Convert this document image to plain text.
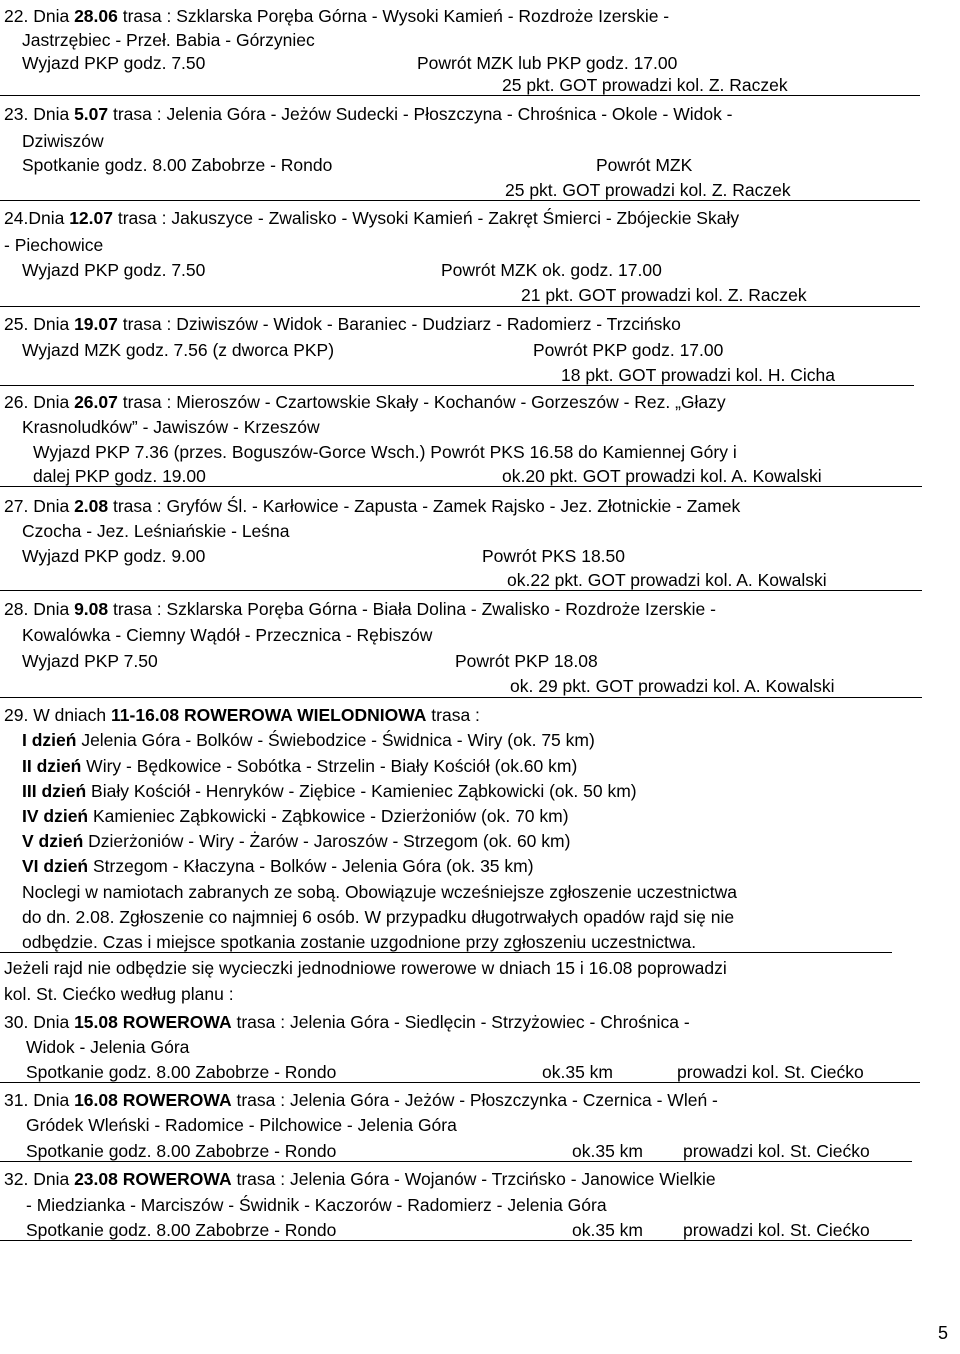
22. Dnia 28.06 trasa : Szklarska Poręba Górna - Wysoki Kamień - Rozdroże Izerskie -
Jastrzębiec - Przeł. Babia - Górzyniec
Wyjazd PKP godz. 7.50	Powrót MZK lub PKP godz. 17.00
25 pkt. GOT prowadzi kol. Z. Raczek
23. Dnia 5.07 trasa : Jelenia Góra - Jeżów Sudecki - Płoszczyna - Chrośnica - Okole - Widok -
Dziwiszów
Spotkanie godz. 8.00 Zabobrze - Rondo	Powrót MZK
25 pkt. GOT prowadzi kol. Z. Raczek
24.Dnia 12.07 trasa : Jakuszyce - Zwalisko - Wysoki Kamień - Zakręt Śmierci - Zbójeckie Skały
- Piechowice
Wyjazd PKP godz. 7.50	Powrót MZK ok. godz. 17.00
21 pkt. GOT prowadzi kol. Z. Raczek
25. Dnia 19.07 trasa : Dziwiszów - Widok - Baraniec - Dudziarz - Radomierz - Trzcińsko
Wyjazd MZK godz. 7.56 (z dworca PKP)	Powrót PKP godz. 17.00
18 pkt. GOT prowadzi kol. H. Cicha
26. Dnia 26.07 trasa : Mieroszów - Czartowskie Skały - Kochanów - Gorzeszów - Rez. „Głazy
Krasnoludków” - Jawiszów - Krzeszów
Wyjazd PKP 7.36 (przes. Boguszów-Gorce Wsch.) Powrót PKS 16.58 do Kamiennej Góry i
dalej PKP godz. 19.00	ok.20 pkt. GOT prowadzi kol. A. Kowalski
27. Dnia 2.08 trasa : Gryfów Śl. - Karłowice - Zapusta - Zamek Rajsko - Jez. Złotnickie - Zamek
Czocha - Jez. Leśniańskie - Leśna
Wyjazd PKP godz. 9.00	Powrót PKS 18.50
ok.22 pkt. GOT prowadzi kol. A. Kowalski
28. Dnia 9.08 trasa : Szklarska Poręba Górna - Biała Dolina - Zwalisko - Rozdroże Izerskie -
Kowalówka - Ciemny Wądół - Przecznica - Rębiszów
Wyjazd PKP 7.50	Powrót PKP 18.08
ok. 29 pkt. GOT prowadzi kol. A. Kowalski
29. W dniach 11-16.08 ROWEROWA WIELODNIOWA trasa :
I dzień Jelenia Góra - Bolków - Świebodzice - Świdnica - Wiry (ok. 75 km)
II dzień Wiry - Będkowice - Sobótka - Strzelin - Biały Kościół (ok.60 km)
III dzień Biały Kościół - Henryków - Ziębice - Kamieniec Ząbkowicki (ok. 50 km)
IV dzień Kamieniec Ząbkowicki - Ząbkowice - Dzierżoniów (ok. 70 km)
V dzień Dzierżoniów - Wiry - Żarów - Jaroszów - Strzegom (ok. 60 km)
VI dzień Strzegom - Kłaczyna - Bolków - Jelenia Góra (ok. 35 km)
Noclegi w namiotach zabranych ze sobą. Obowiązuje wcześniejsze zgłoszenie uczestnictwa
do dn. 2.08. Zgłoszenie co najmniej 6 osób. W przypadku długotrwałych opadów rajd się nie
odbędzie. Czas i miejsce spotkania zostanie uzgodnione przy zgłoszeniu uczestnictwa.
Jeżeli rajd nie odbędzie się wycieczki jednodniowe rowerowe w dniach 15 i 16.08 poprowadzi
kol. St. Ciećko według planu :
30. Dnia 15.08 ROWEROWA trasa : Jelenia Góra - Siedlęcin - Strzyżowiec - Chrośnica -
Widok - Jelenia Góra
Spotkanie godz. 8.00 Zabobrze - Rondo	ok.35 km	prowadzi kol. St. Ciećko
31. Dnia 16.08 ROWEROWA trasa : Jelenia Góra - Jeżów - Płoszczynka - Czernica - Wleń -
Gródek Wleński - Radomice - Pilchowice - Jelenia Góra
Spotkanie godz. 8.00 Zabobrze - Rondo	ok.35 km prowadzi kol. St. Ciećko
32. Dnia 23.08 ROWEROWA trasa : Jelenia Góra - Wojanów - Trzcińsko - Janowice Wielkie
- Miedzianka - Marciszów - Świdnik - Kaczorów - Radomierz - Jelenia Góra
Spotkanie godz. 8.00 Zabobrze - Rondo	ok.35 km prowadzi kol. St. Ciećko
5
